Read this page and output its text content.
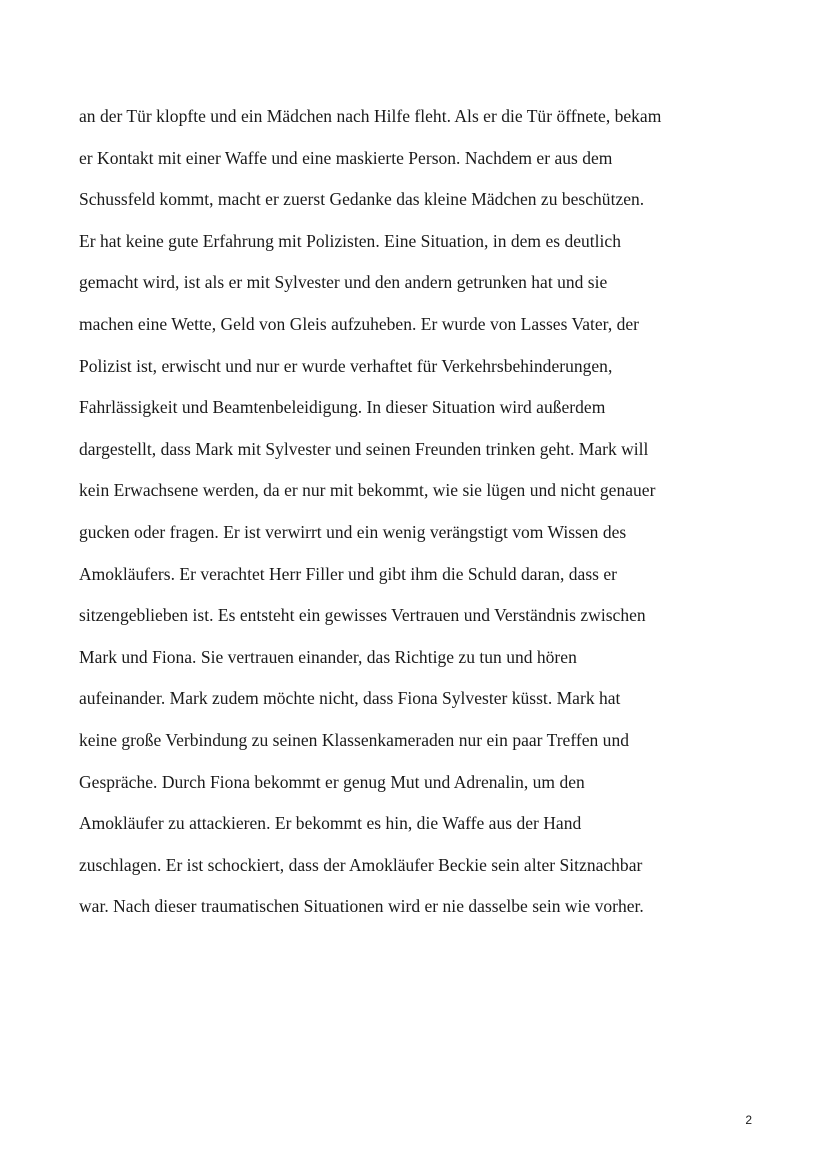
an der Tür klopfte und ein Mädchen nach Hilfe fleht. Als er die Tür öffnete, bekam
er Kontakt mit einer Waffe und eine maskierte Person. Nachdem er aus dem
Schussfeld kommt, macht er zuerst Gedanke das kleine Mädchen zu beschützen.
Er hat keine gute Erfahrung mit Polizisten. Eine Situation, in dem es deutlich
gemacht wird, ist als er mit Sylvester und den andern getrunken hat und sie
machen eine Wette, Geld von Gleis aufzuheben. Er wurde von Lasses Vater, der
Polizist ist, erwischt und nur er wurde verhaftet für Verkehrsbehinderungen,
Fahrlässigkeit und Beamtenbeleidigung. In dieser Situation wird außerdem
dargestellt, dass Mark mit Sylvester und seinen Freunden trinken geht. Mark will
kein Erwachsene werden, da er nur mit bekommt, wie sie lügen und nicht genauer
gucken oder fragen. Er ist verwirrt und ein wenig verängstigt vom Wissen des
Amokläufers. Er verachtet Herr Filler und gibt ihm die Schuld daran, dass er
sitzengeblieben ist. Es entsteht ein gewisses Vertrauen und Verständnis zwischen
Mark und Fiona. Sie vertrauen einander, das Richtige zu tun und hören
aufeinander. Mark zudem möchte nicht, dass Fiona Sylvester küsst. Mark hat
keine große Verbindung zu seinen Klassenkameraden nur ein paar Treffen und
Gespräche. Durch Fiona bekommt er genug Mut und Adrenalin, um den
Amokläufer zu attackieren. Er bekommt es hin, die Waffe aus der Hand
zuschlagen. Er ist schockiert, dass der Amokläufer Beckie sein alter Sitznachbar
war. Nach dieser traumatischen Situationen wird er nie dasselbe sein wie vorher.
2
